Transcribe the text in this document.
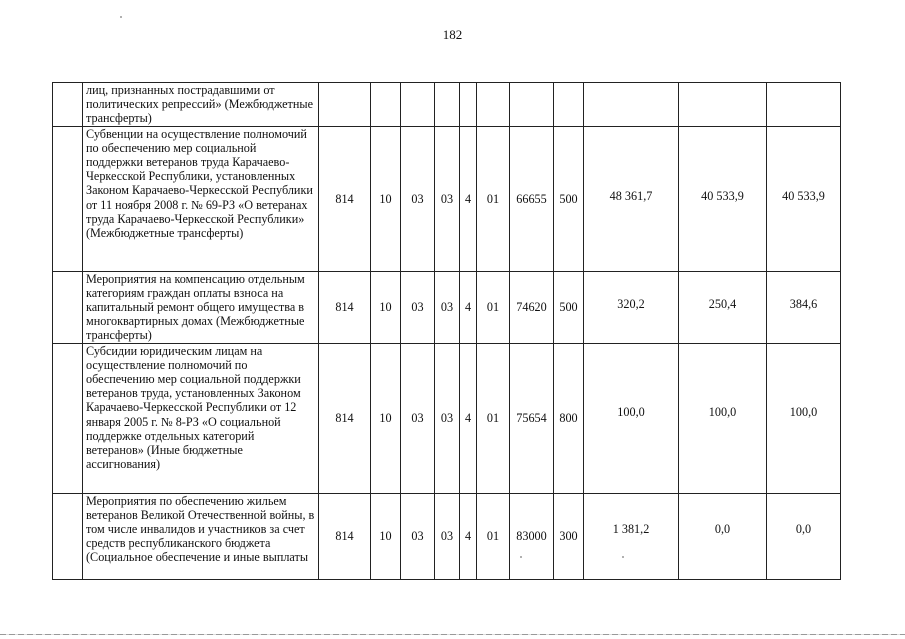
182
	лиц, признанных пострадавшими от политических репрессий» (Межбюджетные трансферты)											
	Субвенции на осуществление полномочий по обеспечению мер социальной поддержки ветеранов труда Карачаево-Черкесской Республики, установленных Законом Карачаево-Черкесской Республики от 11 ноября 2008 г. № 69-РЗ «О ветеранах труда Карачаево-Черкесской Республики» (Межбюджетные трансферты)	814	10	03	03	4	01	66655	500	48 361,7	40 533,9	40 533,9
	Мероприятия на компенсацию отдельным категориям граждан оплаты взноса на капитальный ремонт общего имущества в многоквартирных домах (Межбюджетные трансферты)	814	10	03	03	4	01	74620	500	320,2	250,4	384,6
	Субсидии юридическим лицам на осуществление полномочий по обеспечению мер социальной поддержки ветеранов труда, установленных Законом Карачаево-Черкесской Республики от 12 января 2005 г. № 8-РЗ «О социальной поддержке отдельных категорий ветеранов» (Иные бюджетные ассигнования)	814	10	03	03	4	01	75654	800	100,0	100,0	100,0
	Мероприятия по обеспечению жильем ветеранов Великой Отечественной войны, в том числе инвалидов и участников за счет средств республиканского бюджета (Социальное обеспечение и иные выплаты	814	10	03	03	4	01	83000	300	1 381,2	0,0	0,0
